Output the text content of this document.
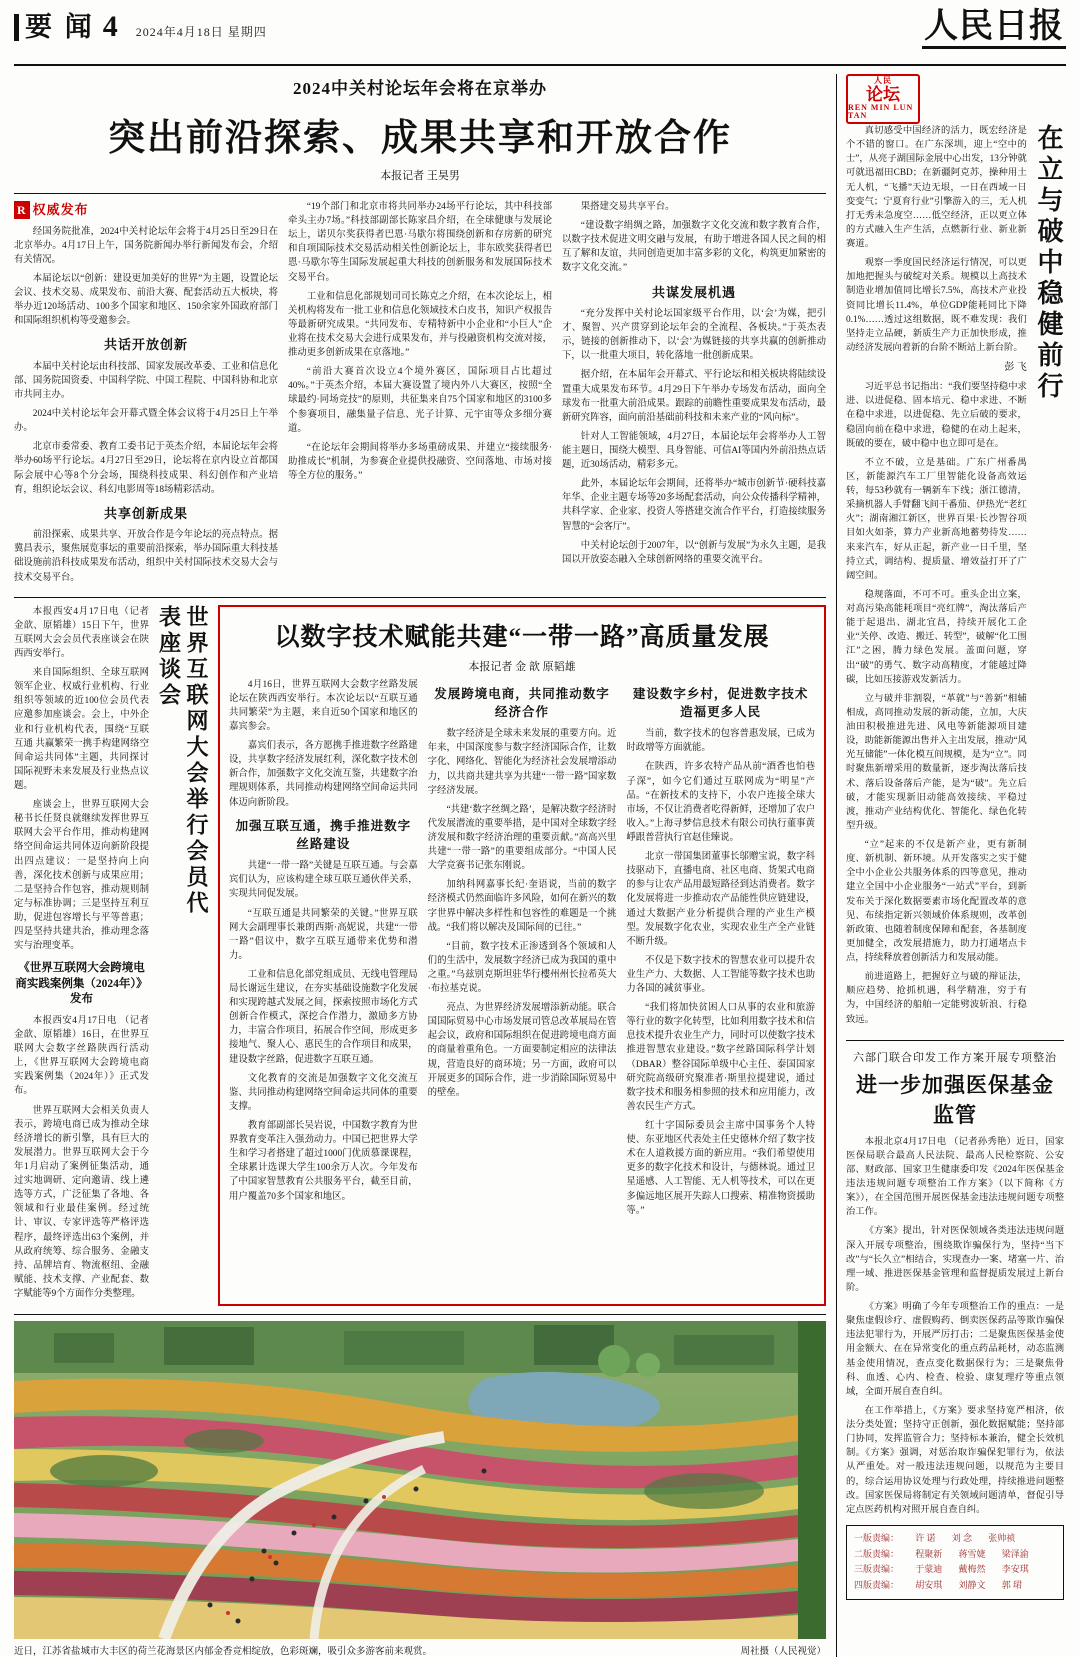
要 闻 4 2024年4月18日 星期四	人民日报
2024中关村论坛年会将在京举办
突出前沿探索、成果共享和开放合作
本报记者 王昊男
R 权威发布

经国务院批准，2024中关村论坛年会将于4月25日至29日在北京举办。4月17日上午，国务院新闻办举行新闻发布会，介绍有关情况。

本届论坛以“创新：建设更加美好的世界”为主题，设置论坛会议、技术交易、成果发布、前沿大赛、配套活动五大板块，将举办近120场活动、100多个国家和地区、150余家外国政府部门和国际组织机构等受邀参会。

共话开放创新

本届中关村论坛由科技部、国家发展改革委、工业和信息化部、国务院国资委、中国科学院、中国工程院、中国科协和北京市共同主办。

2024中关村论坛年会开幕式暨全体会议将于4月25日上午举办。

北京市委常委、教育工委书记于英杰介绍，本届论坛年会将举办60场平行论坛。4月27日至29日，论坛将在京内设立首都国际会展中心等8个分会场，围绕科技成果、科幻创作和产业培育，组织论坛会议、科幻电影周等18场精彩活动。

共享创新成果

前沿探索、成果共享、开放合作是今年论坛的亮点特点。据冀昌表示，聚焦展览事坛的重要前沿探索，举办国际重大科技基础设施前沿科技成果发布活动，组织中关村国际技术交易大会与技术交易平台。

“19个部门和北京市将共同举办24场平行论坛，其中科技部牵头主办7场。”科技部副部长陈家昌介绍，在全球健康与发展论坛上，诺贝尔奖获得者巴恩·马歇尔将围绕创新和存房新的研究和自项国际技术交易活动相关性创新论坛上，非东欧奖获得者巴恩·马歇尔等生国际发展起重大科技的创新服务和发展国际技术交易平台。

工业和信息化部规划司司长陈克之介绍，在本次论坛上，相关机构将发布一批工业和信息化领域技术白皮书，知识产权报告等最新研究成果。“共同发布、专精特新中小企业和“小巨人”企业将在技术交易大会进行成果发布，并与投融资机构交流对接，推动更多创新成果在京落地。”

“前沿大赛首次设立4个境外赛区，国际项目占比超过40%。”于英杰介绍，本届大赛设置了境内外八大赛区，按照“全球最约·同场竞技”的原则，共征集来自75个国家和地区的3100多个参赛项目，融集量子信息、光子计算、元宇宙等众多细分赛道。

“在论坛年会期间将举办多场重磅成果、并建立“接续服务·助推成长”机制，为参赛企业提供投融资、空间落地、市场对接等全方位的服务。”

果搭建交易共享平台。

“建设数字绢绸之路，加强数字文化交流和数字教育合作，以数字技术促进文明交融与发展，有助于增进各国人民之间的相互了解和友谊，共同创造更加丰富多彩的文化，构筑更加紧密的数字文化交流。”

共谋发展机遇

“充分发挥中关村论坛国家级平台作用，以‘会’为媒，把引才、聚智、兴产贯穿到论坛年会的全流程、各板块。”于英杰表示，链接的创新推动下，以‘会’为媒链接的共享共赢的创新推动下，以一批重大项目，转化落地一批创新成果。

据介绍，在本届年会开幕式、平行论坛和相关板块将陆续设置重大成果发布环节。4月29日下午举办专场发布活动，面向全球发布一批重大前沿成果。跟踪的前瞻性重要成果发布活动，最新研究阵容，面向前沿基础前科技和未来产业的“风向标”。

针对人工智能领域，4月27日，本届论坛年会将举办人工智能主题日，围绕大模型、具身智能、可信AI等国内外前沿热点话题，近30场活动，精彩多元。

此外，本届论坛年会期间，还将举办“城市创新节·硬科技嘉年华、企业主题专场等20多场配套活动，向公众传播科学精神，共科学家、企业家、投资人等搭建交流合作平台，打造接续服务智慧的“会客厅”。

中关村论坛创于2007年，以“创新与发展”为永久主题，是我国以开放姿态融入全球创新网络的重要交流平台。

本报西安4月17日电（记者金歆、原韬雄）15日下午，世界互联网大会会员代表座谈会在陕西西安举行。

来自国际组织、全球互联网领军企业、权威行业机构、行业组织等领域的近100位会员代表应邀参加座谈会。会上，中外企业和行业机构代表，围绕“互联互通 共赢繁荣一携手构建网络空间命运共同体”主题，共同探讨国际视野未来发展及行业热点议题。

座谈会上，世界互联网大会秘书长任贤良就继续发挥世界互联网大会平台作用，推动构建网络空间命运共同体迈向新阶段提出四点建议：一是坚持向上向善，深化技术创新与成果应用；二是坚持合作包容，推动规则制定与标准协调；三是坚持互利互助，促进包容增长与平等普惠；四是坚持共建共治，推动理念落实与治理变革。

《世界互联网大会跨境电商实践案例集（2024年）》发布

本报西安4月17日电 （记者金歆、原韬雄）16日，在世界互联网大会数字丝路陕西行活动上，《世界互联网大会跨境电商实践案例集（2024年）》正式发布。

世界互联网大会相关负责人表示，跨境电商已成为推动全球经济增长的新引擎，具有巨大的发展潜力。世界互联网大会于今年1月启动了案例征集活动，通过实地调研、定向邀请、线上遴选等方式，广泛征集了各地、各领域和行业最佳案例。经过统计、审议、专家评选等严格评选程序，最终评选出63个案例，并从政府统筹、综合服务、金融支持、品牌培育、物流枢纽、金融赋能、技术支撑、产业配套、数字赋能等9个方面作分类整理。

世界互联网大会举行会员代表座谈会	以数字技术赋能共建“一带一路”高质量发展
本报记者 金 歆 原韬雄

4月16日，世界互联网大会数字丝路发展论坛在陕西西安举行。本次论坛以“互联互通 共同繁荣”为主题，来自近50个国家和地区的嘉宾参会。

嘉宾们表示，各方愿携手推进数字丝路建设，共享数字经济发展红利，深化数字技术创新合作，加强数字文化交流互鉴，共建数字治理规则体系，共同推动构建网络空间命运共同体迈向新阶段。

加强互联互通，携手推进数字丝路建设

共建“一带一路”关键是互联互通。与会嘉宾们认为，应该构建全球互联互通伙伴关系，实现共同促发展。

“互联互通是共同繁荣的关键。”世界互联网大会副理事长兼朗西斯·高妮说，共建“一带一路”倡议中，数字互联互通带来优势和潜力。

工业和信息化部党组成员、无线电管理局局长谢远生建议，在夯实基础设施数字化发展和实现跨越式发展之间，探索按照市场化方式创新合作模式，深挖合作潜力，激励多方协力，丰富合作项目，拓展合作空间，形成更多接地气、聚人心、惠民生的合作项目和成果，建设数字丝路，促进数字互联互通。

文化教育的交流是加强数字文化交流互鉴、共同推动构建网络空间命运共同体的重要支撑。

教育部副部长吴岩说，中国数字教育为世界教育变革注入强劲动力。中国已把世界大学生和学习者搭建了超过1000门优质慕课课程，全球累计选课大学生100余万人次。今年发布了中国家智慧教育公共服务平台，截至目前，用户覆盖70多个国家和地区。

发展跨境电商，共同推动数字经济合作

数字经济是全球未来发展的重要方向。近年来，中国深度参与数字经济国际合作，让数字化、网络化、智能化为经济社会发展增添动力，以共商共建共享为共建“一带一路”国家数字经济发展。

“共建‘数字丝绸之路’，是解决数字经济时代发展潜流的重要举措，是中国对全球数字经济发展和数字经济治理的重要贡献。”高高兴里共建“一带一路”的重要组成部分。“中国人民大学竞赛书记张东刚说。

加纳科网嘉事长纪·奎语说，当前的数字经济模式仍然面临许多风险，如何在新兴的数字世界中解决多样性和包容性的难题是一个挑战。“我们将以解决及国际间的已往。”

“目前，数字技术正渗透到各个领域和人们的生活中，发展数字经济已成为我国的重中之重。”乌兹别克斯坦驻华行樓州州长拉希英大·布拉基克说。

亮点、为世界经济发展增添新动能。联合国国际贸易中心市场发展司管总改革展局在管起会议，政府和国际组织在促进跨境电商方面的商量着重角色。一方面要制定相应的法律法规，营造良好的商环境；另一方面，政府可以开展更多的国际合作，进一步消除国际贸易中的壁垒。

建设数字乡村，促进数字技术造福更多人民

当前，数字技术的包容普惠发展，已成为时政增等方面就能。

在陕西，许多农特产品从前“酒香也怕巷子深”，如今它们通过互联网成为“明星”产品。“在新技术的支持下，小农户连接全球大市场，不仅让消费者吃得新鲜，还增加了农户收入。”上海寻梦信息技术有限公司执行董事黄崢跟普营执行官赵佳臻说。

北京一带国集团董事长邬赠宝说，数字科技驱动下，直播电商、社区电商、货架式电商的参与让农产品用最短路径到达消费者。数字化发展将进一步推动农产品能性供应链建设，通过大数据产业分析提供合理的产业生产模型。发展数字化农业，实现农业生产全产业链不断升级。

不仅是下数字技术的智慧农业可以提升农业生产力、大数据、人工智能等数字技术也助力各国的减贫事业。

“我们将加快贫困人口从事的农业和旅游等行业的数字化转型，比如利用数字技术和信息技术提升农业生产力，同时可以使数字技术推进智慧农业建设。”数字丝路国际科学计划（DBAR）整谷国际单级中心主任、泰国国家研究院高级研究聚准者·斯里拉提建说，通过数字技术和服务相参照的技术和应用能力，改善农民生产方式。

红十字国际委员会主席中国事务个人特使、东亚地区代表处主任史德林介绍了数字技术在人道救援方面的新应用。“我们希望使用更多的数字化技术和设计，与德林说。通过卫星遥感、人工智能、无人机等技术，可以在更多偏远地区展开失踪人口搜索、精准物资援助等。”

周社摄（人民视觉）
近日，江苏省盐城市大丰区的荷兰花海景区内郁金香竞相绽放，色彩斑斓，吸引众多游客前来观赏。
人民
论坛
REN MIN LUN TAN

真切感受中国经济的活力，既宏经济是个不错的窗口。在广东深圳，迎上“空中的士”，从亮子湖国际金展中心出发，13分钟就可就迅福田CBD；在新疆阿克苏，操种用土无人机，“飞播”天边无垠，一日在西域一日变变气；宁夏育行业”引擎游入的三，无人机打无秀未急度空……低空经济，正以更立体的方式融入生产生活，点燃新行业、新业新赛道。

观察一季度国民经济运行情况，可以更加地把握头与破绽对关系。规模以上高技术制造业增加值同比增长7.5%，高技术产业投资同比增长11.4%，单位GDP能耗同比下降0.1%……透过这组数据，既不难发现：我们坚持走立品硬，新质生产力正加快形成，推动经济发展向着新的台阶不断站上新台阶。

彭 飞

习近平总书记指出：“我们要坚持稳中求进、以进促稳、固本培元、稳中求进、不断在稳中求进，以进促稳、先立后破的要求，稳固向前在稳中求进，稳健的在动上起来，既破的要在，破中稳中也立即可是在。

不立不破，立是基础。广东广州番禺区，新能源汽车工厂里智能化设备高效运转，每53秒就有一辆新车下线；浙江德清，采摘机器人手臂翻飞间干番茄、伊热光“老红火”；湖南湘江新区，世界百果·长沙智谷项目如火如荼，算力产业新高地蓄势待发……来来汽车，好从正起，新产业一日千里，坚持立式，调结构、提质量、增效益打开了广阔空间。

稳规落面，不可不可。重头企出立案，对高污染高能耗项目“亮红牌”，淘汰落后产能于起退出、湖北宜昌，持续开展化工企业“关停、改造、搬迁、转型”，破解“化工围江”之困，腾力绿色发展。盖面问题，穿出“破”的勇气、数字动高精度，才能越过降碳，比如压接游戏发新活力。

立与破并非割裂，“革就”与“善新”相辅相成，高同推动发展的新动能，立加，大庆油田积极推进先进、风电等新能源项目建设，助能新能源出售并入主出发展，推动“风光互储能”一体化模互间规模，是为“立”。同时聚焦新增采用的数量新，逐步淘汰落后技术、落后设备落后产能，是为“破”。先立后破，才能实现新旧动能高效接续、平稳过渡，推动产业结构优化、智能化、绿色化转型升级。

“立”起来的不仅是新产业，更有新制度、新机制、新环境。从开发落实之实于健全中小企业公共服务体系的四等意见，推动建立全国中小企业服务“一站式”平台，到新发布关于深化数据要素市场化配置改革的意见、布续指定新兴领域价体系规则，改革创新政策、也随着制度保障和配套，各基制度更加健全，改发展措施力，助力打通堵点卡点，持续释放着创新活力和发展动能。

前进道路上，把握好立与破的辩证法，顺应趋势、抢抓机遇，科学精准，穷于有为，中国经济的船舶一定能劈波斩浪、行稳致远。

在立与破中稳健前行
六部门联合印发工作方案开展专项整治
进一步加强医保基金监管

本报北京4月17日电 （记者孙秀艳）近日，国家医保局联合最高人民法院、最高人民检察院、公安部、财政部、国家卫生健康委印发《2024年医保基金违法违规问题专项整治工作方案》（以下简称《方案》），在全国范围开展医保基金违法违规问题专项整治工作。

《方案》提出，针对医保领域各类违法违规问题深入开展专项整治，围绕欺诈骗保行为，坚持“当下改”与“长久立”相结合，实现查办一案、堵塞一片、治理一域、推进医保基金管理和监督提质发展过上新台阶。

《方案》明确了今年专项整治工作的重点：一是聚焦虚假诊疗、虚假购药、倒卖医保药品等欺诈骗保违法犯罪行为，开展严厉打击；二是聚焦医保基金使用金额大、在在异常变化的重点药品耗材，动态监测基金使用情况，查点变化数据保行为；三是聚焦骨科、血透、心内、检查、检验、康复理疗等重点领域，全面开展自查自纠。

在工作举措上，《方案》要求坚持宽严相济，依法分类处置；坚持守正创新，强化数据赋能；坚持部门协同，发挥监管合力；坚持标本兼治，健全长效机制。《方案》强调，对惩治取诈骗保犯罪行为，依法从严重处。对一般违法违规问题，以规范为主要目的，综合运用协议处理与行政处理，持续推进问题整改。国家医保局将制定有关领域问题清单，督促引导定点医药机构对照开展自查自纠。

一版责编： 许 诺 刘 念 张帅祯
二版责编： 程聚新 蒋雪婕 梁泽渝
三版责编： 于蒙迪 戴梅然 李安琪
四版责编： 胡安琪 刘静文 郭 珺
